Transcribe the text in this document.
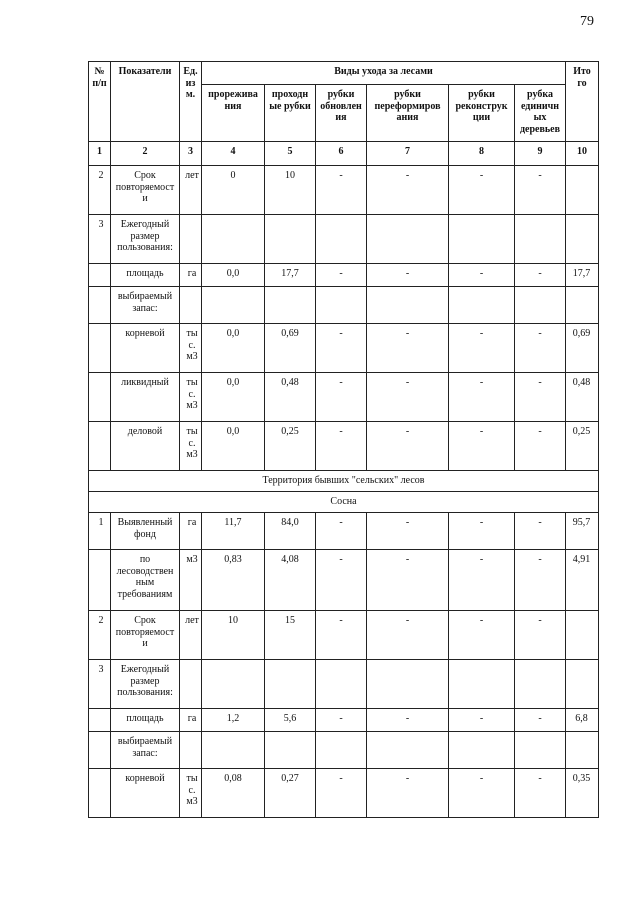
79
№ п/п	Показатели	Ед. из м.	Виды ухода за лесами						Ито го
			прорежива ния	проходн ые рубки	рубки обновлен ия	рубки переформиров ания	рубки реконструк ции	рубка единичн ых деревьев	
1	2	3	4	5	6	7	8	9	10
2	Срок повторяемост и	лет	0	10	-	-	-	-	
3	Ежегодный размер пользования:								
	площадь	га	0,0	17,7	-	-	-	-	17,7
	выбираемый запас:								
	корневой	ты с. м3	0,0	0,69	-	-	-	-	0,69
	ликвидный	ты с. м3	0,0	0,48	-	-	-	-	0,48
	деловой	ты с. м3	0,0	0,25	-	-	-	-	0,25
Территория бывших "сельских" лесов									
Сосна									
1	Выявленный фонд	га	11,7	84,0	-	-	-	-	95,7
	по лесоводствен ным требованиям	м3	0,83	4,08	-	-	-	-	4,91
2	Срок повторяемост и	лет	10	15	-	-	-	-	
3	Ежегодный размер пользования:								
	площадь	га	1,2	5,6	-	-	-	-	6,8
	выбираемый запас:								
	корневой	ты с. м3	0,08	0,27	-	-	-	-	0,35
